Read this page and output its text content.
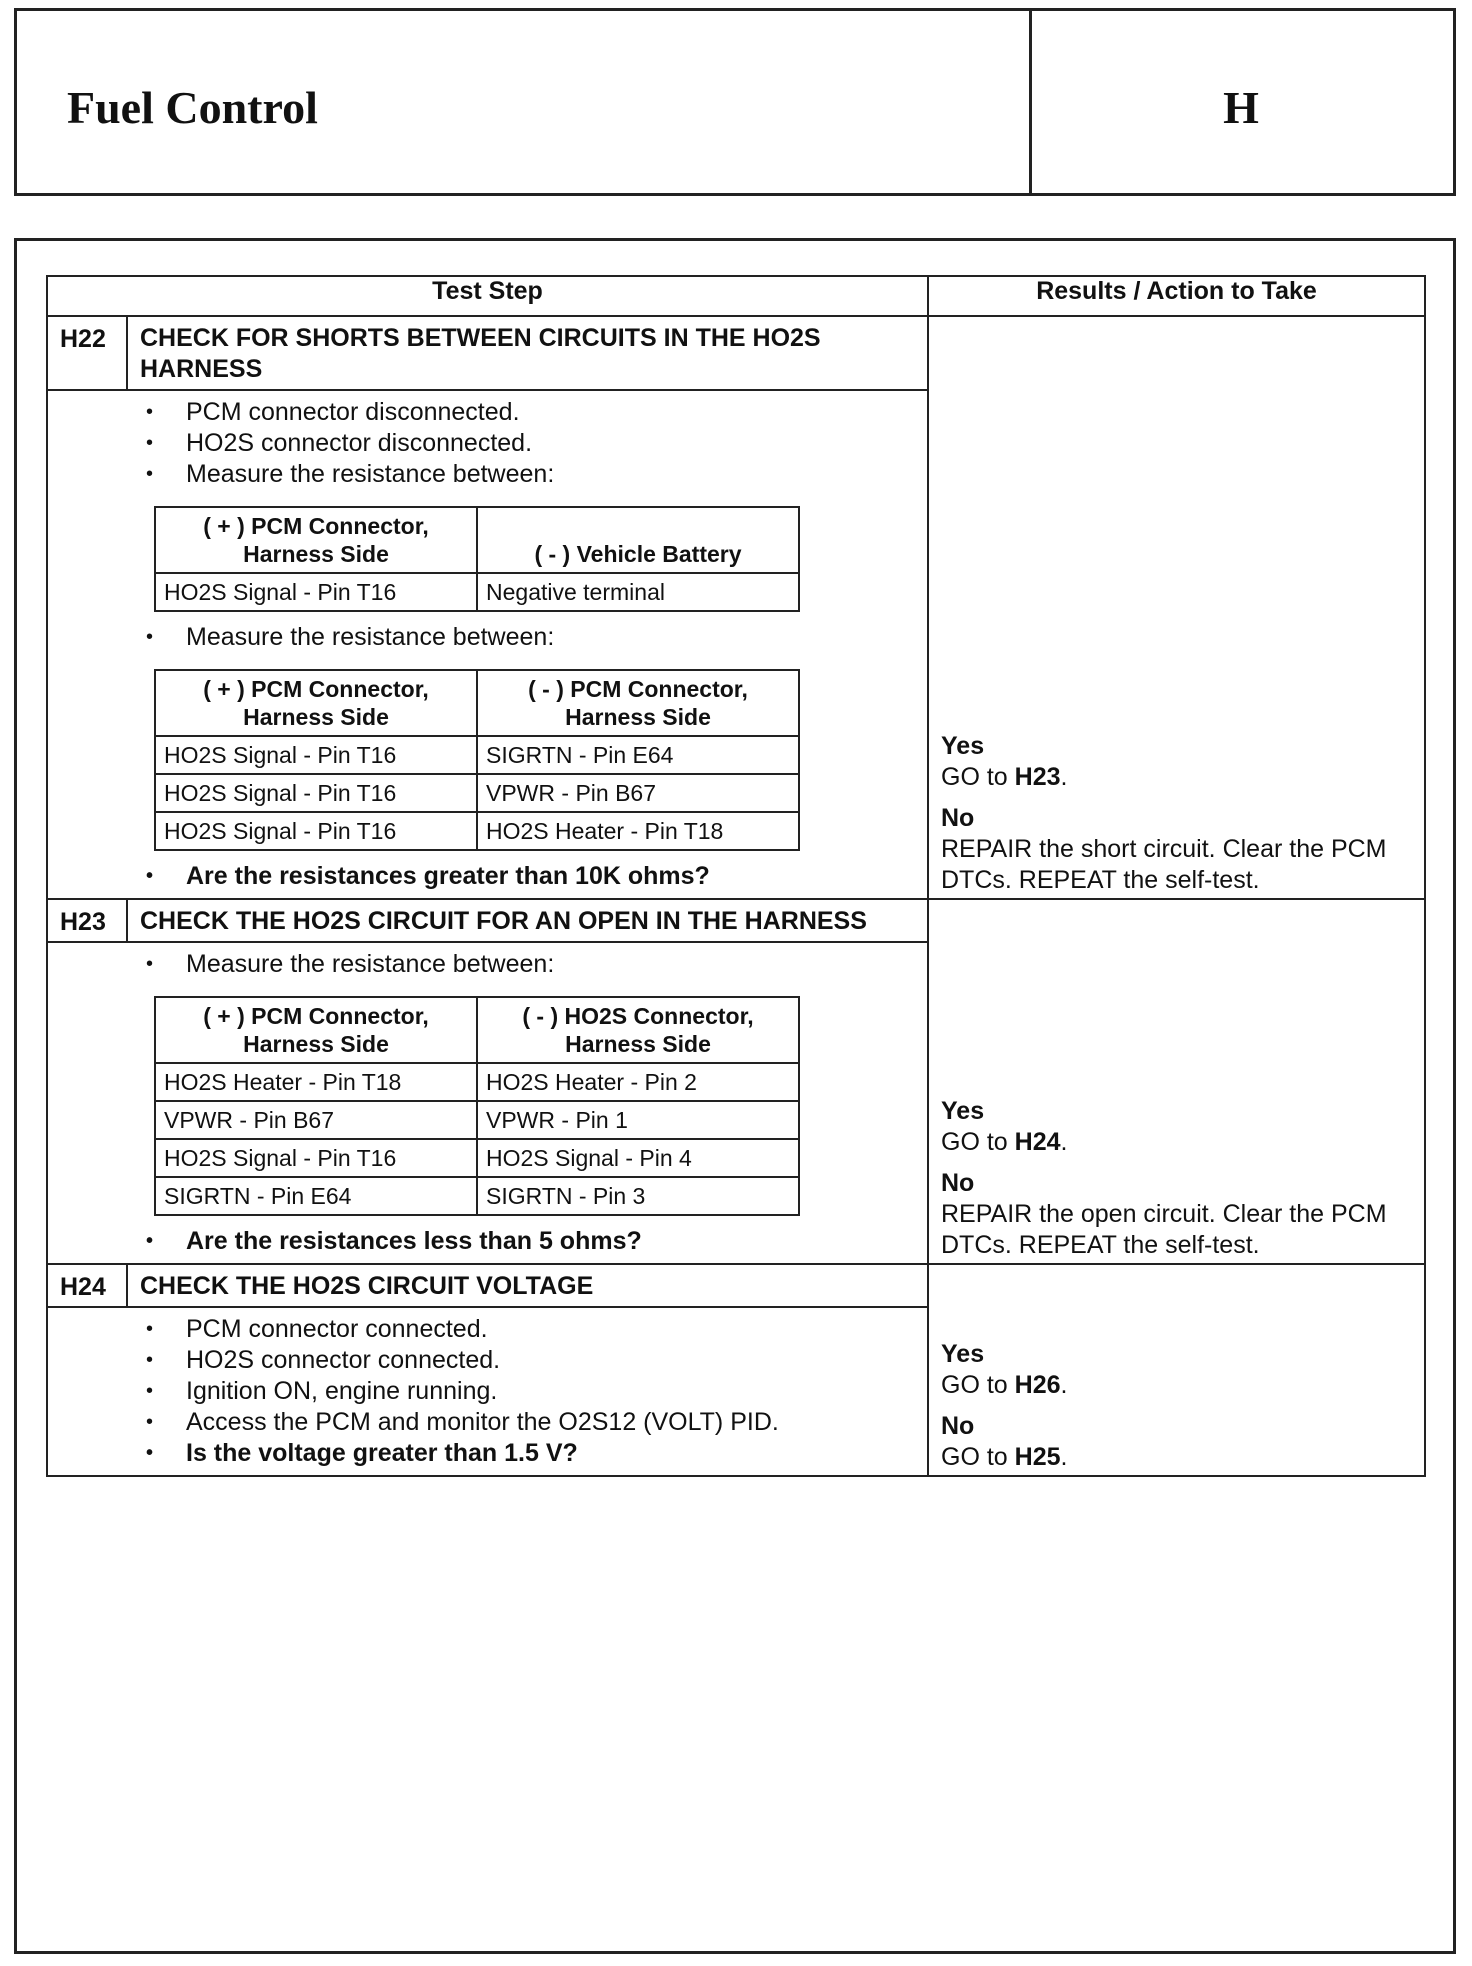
Fuel Control	H
Test Step	Results / Action to Take
H22	CHECK FOR SHORTS BETWEEN CIRCUITS IN THE HO2S HARNESS	
Yes
GO to H23.
No
REPAIR the short circuit. Clear the PCM DTCs. REPEAT the self-test.

•	PCM connector disconnected.
•	HO2S connector disconnected.
•	Measure the resistance between:
( + ) PCM Connector, Harness Side	( - ) Vehicle Battery
HO2S Signal - Pin T16	Negative terminal
•	Measure the resistance between:
( + ) PCM Connector, Harness Side	( - ) PCM Connector, Harness Side
HO2S Signal - Pin T16	SIGRTN - Pin E64
HO2S Signal - Pin T16	VPWR - Pin B67
HO2S Signal - Pin T16	HO2S Heater - Pin T18
•	Are the resistances greater than 10K ohms?

H23	CHECK THE HO2S CIRCUIT FOR AN OPEN IN THE HARNESS	
Yes
GO to H24.
No
REPAIR the open circuit. Clear the PCM DTCs. REPEAT the self-test.

•	Measure the resistance between:
( + ) PCM Connector, Harness Side	( - ) HO2S Connector, Harness Side
HO2S Heater - Pin T18	HO2S Heater - Pin 2
VPWR - Pin B67	VPWR - Pin 1
HO2S Signal - Pin T16	HO2S Signal - Pin 4
SIGRTN - Pin E64	SIGRTN - Pin 3
•	Are the resistances less than 5 ohms?

H24	CHECK THE HO2S CIRCUIT VOLTAGE	
Yes
GO to H26.
No
GO to H25.

•	PCM connector connected.
•	HO2S connector connected.
•	Ignition ON, engine running.
•	Access the PCM and monitor the O2S12 (VOLT) PID.
•	Is the voltage greater than 1.5 V?
